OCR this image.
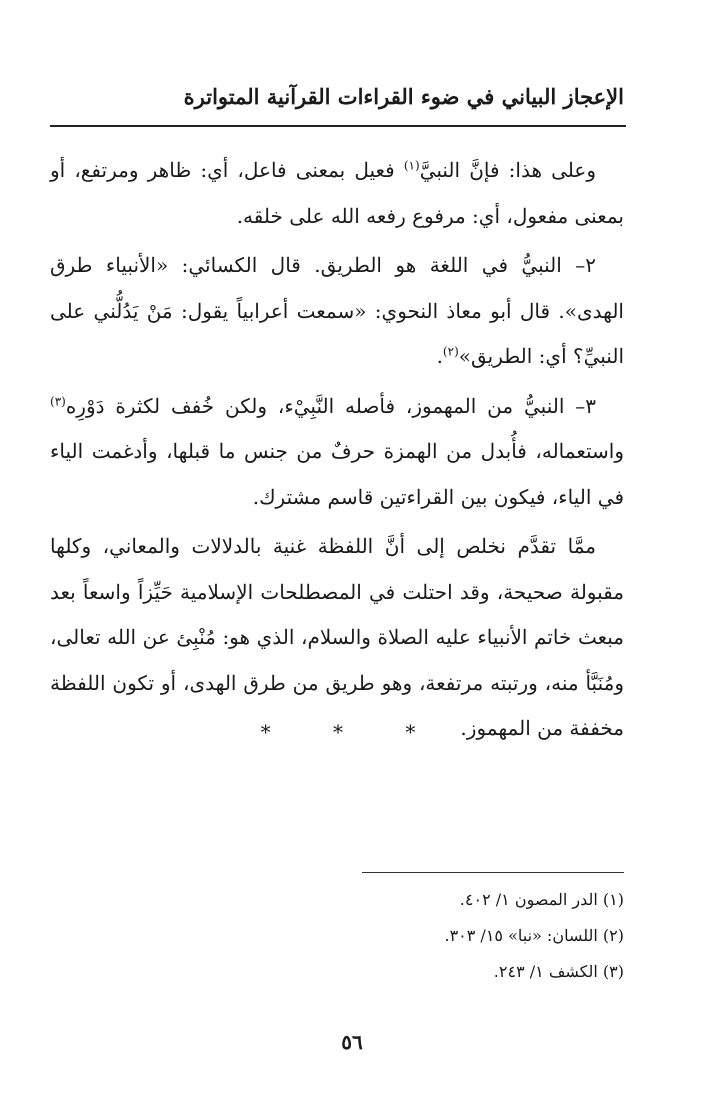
الإعجاز البياني في ضوء القراءات القرآنية المتواترة

وعلى هذا: فإنَّ النبيَّ$^{(١)}$ فعيل بمعنى فاعل، أي: ظاهر ومرتفع، أو بمعنى مفعول، أي: مرفوع رفعه الله على خلقه.

٢– النبيُّ في اللغة هو الطريق. قال الكسائي: «الأنبياء طرق الهدى». قال أبو معاذ النحوي: «سمعت أعرابياً يقول: مَنْ يَدُلُّني على النبيِّ؟ أي: الطريق»$^{(٢)}$.

٣– النبيُّ من المهموز، فأصله النَّبِيْء، ولكن خُفف لكثرة دَوْرِه$^{(٣)}$ واستعماله، فأُبدل من الهمزة حرفٌ من جنس ما قبلها، وأدغمت الياء في الياء، فيكون بين القراءتين قاسم مشترك.

ممَّا تقدَّم نخلص إلى أنَّ اللفظة غنية بالدلالات والمعاني، وكلها مقبولة صحيحة، وقد احتلت في المصطلحات الإسلامية حَيِّزاً واسعاً بعد مبعث خاتم الأنبياء عليه الصلاة والسلام، الذي هو: مُنْبِئ عن الله تعالى، ومُنَبَّأ منه، ورتبته مرتفعة، وهو طريق من طرق الهدى، أو تكون اللفظة مخففة من المهموز.

* * *
(١) الدر المصون ١/ ٤٠٢.
(٢) اللسان: «نبا» ١٥/ ٣٠٣.
(٣) الكشف ١/ ٢٤٣.
٥٦
